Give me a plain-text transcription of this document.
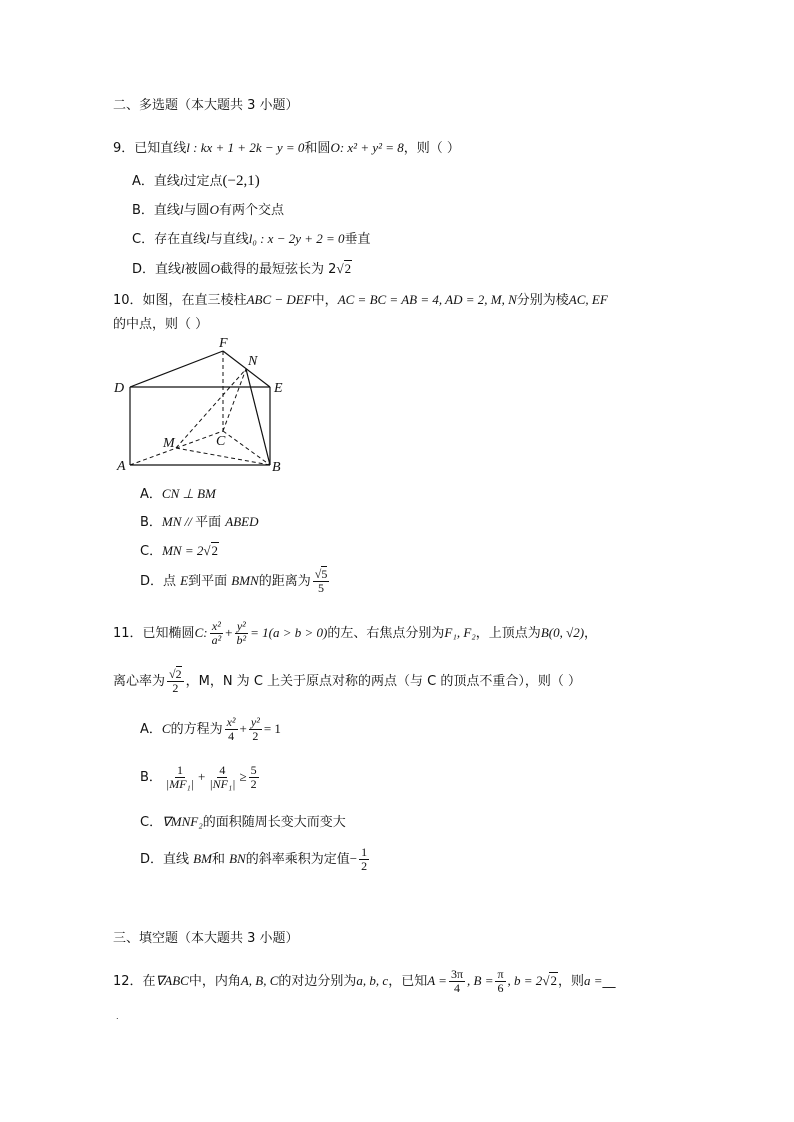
二、多选题（本大题共 3 小题）
9．已知直线l : kx + 1 + 2k − y = 0和圆O: x² + y² = 8，则（ ）
A．直线l过定点(−2,1)
B．直线l与圆O有两个交点
C．存在直线l与直线l₀ : x − 2y + 2 = 0垂直
D．直线l被圆O截得的最短弦长为 2√2
10．如图，在直三棱柱ABC − DEF中，AC = BC = AB = 4, AD = 2, M, N分别为棱AC, EF
的中点，则（ ）
F
N
D	E
M	C
A	B
A．CN ⊥ BM
B．MN // 平面 ABED
C．MN = 2√2
D．点 E到平面 BMN的距离为 $\frac{√5}{5}$
11．已知椭圆C: $\frac{\text{x²}}{\text{a²}} + \frac{\text{y²}}{\text{b²}} = 1(a > b > 0)$的左、右焦点分别为F₁, F₂，上顶点为B(0, √2)，
离心率为 $\frac{√2}{2}$ ，M，N 为 C 上关于原点对称的两点（与 C 的顶点不重合），则（ ）
A．C的方程为 $\frac{\text{x²}}{4} + \frac{\text{y²}}{2} = 1$
B． $\frac{1}{\text{|MF₁|}} + \frac{4}{\text{|NF₁|}} \ge \frac{5}{2}$
C．∇MNF₂的面积随周长变大而变大
D．直线 BM和 BN的斜率乘积为定值− $\frac{1}{2}$
三、填空题（本大题共 3 小题）
12．在∇ABC中，内角A, B, C的对边分别为a, b, c，已知$A = \frac{3\pi}{4}$ , $B = \frac{\pi}{6}$ , b = 2√2，则a =__
.
